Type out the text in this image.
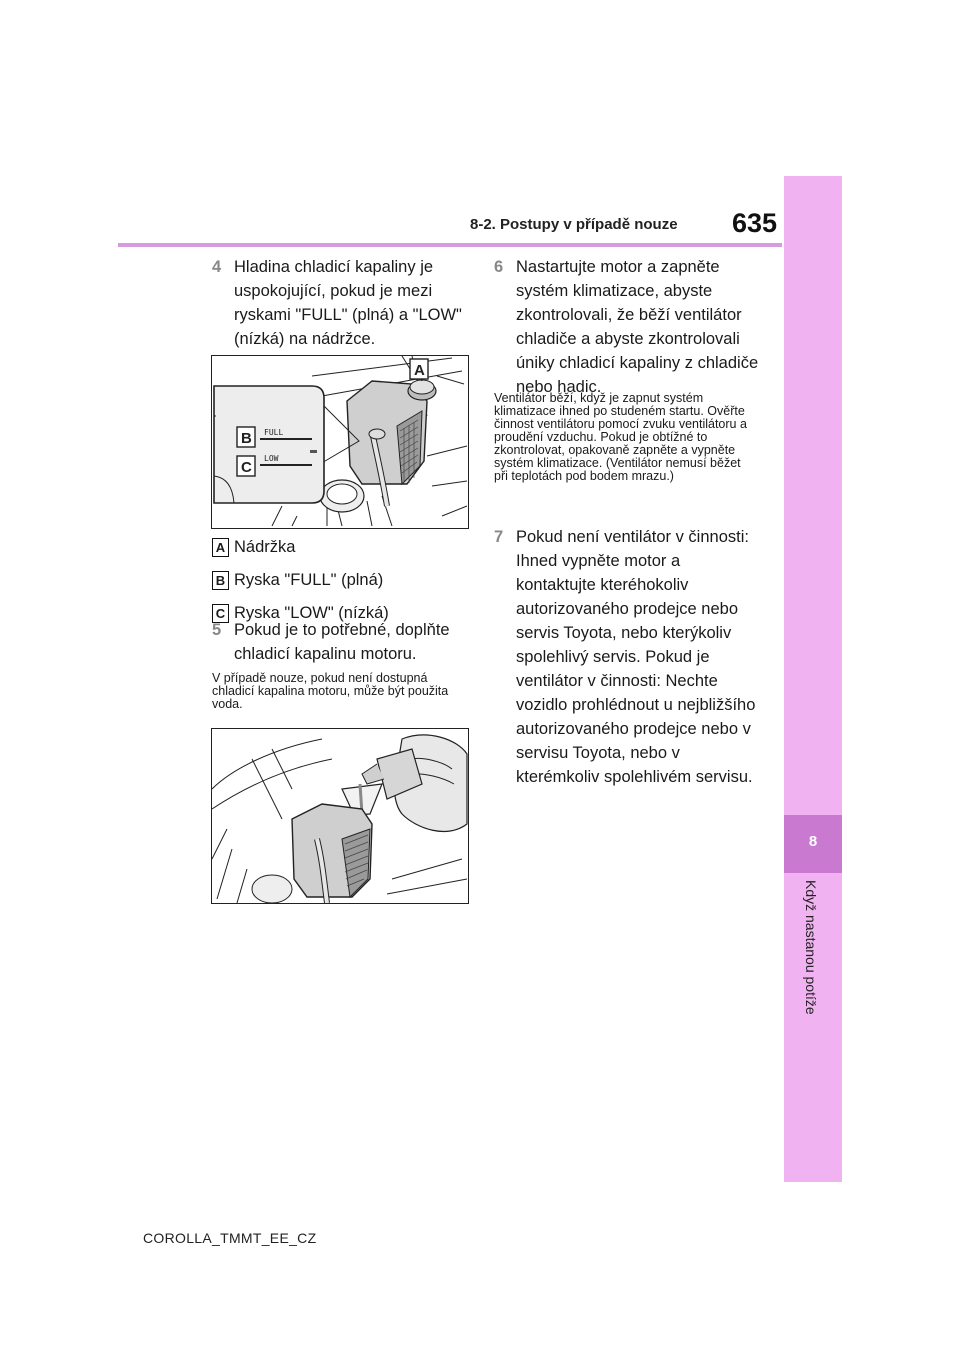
8-2. Postupy v případě nouze 635
8
Když nastanou potíže
4 Hladina chladicí kapaliny je uspokojující, pokud je mezi ryskami "FULL" (plná) a "LOW" (nízká) na nádržce.
FULL
LOW
B
C
A
A Nádržka
B Ryska "FULL" (plná)
C Ryska "LOW" (nízká)
5 Pokud je to potřebné, doplňte chladicí kapalinu motoru.
V případě nouze, pokud není dostupná chladicí kapalina motoru, může být použita voda.
6 Nastartujte motor a zapněte systém klimatizace, abyste zkontrolovali, že běží ventilátor chladiče a abyste zkontrolovali úniky chladicí kapaliny z chladiče nebo hadic.
Ventilátor běží, když je zapnut systém klimatizace ihned po studeném startu. Ověřte činnost ventilátoru pomocí zvuku ventilátoru a proudění vzduchu. Pokud je obtížné to zkontrolovat, opakovaně zapněte a vypněte systém klimatizace. (Ventilátor nemusí běžet při teplotách pod bodem mrazu.)
7 Pokud není ventilátor v činnosti: Ihned vypněte motor a kontaktujte kteréhokoliv autorizovaného prodejce nebo servis Toyota, nebo kterýkoliv spolehlivý servis. Pokud je ventilátor v činnosti: Nechte vozidlo prohlédnout u nejbližšího autorizovaného prodejce nebo v servisu Toyota, nebo v kterémkoliv spolehlivém servisu.
COROLLA_TMMT_EE_CZ
